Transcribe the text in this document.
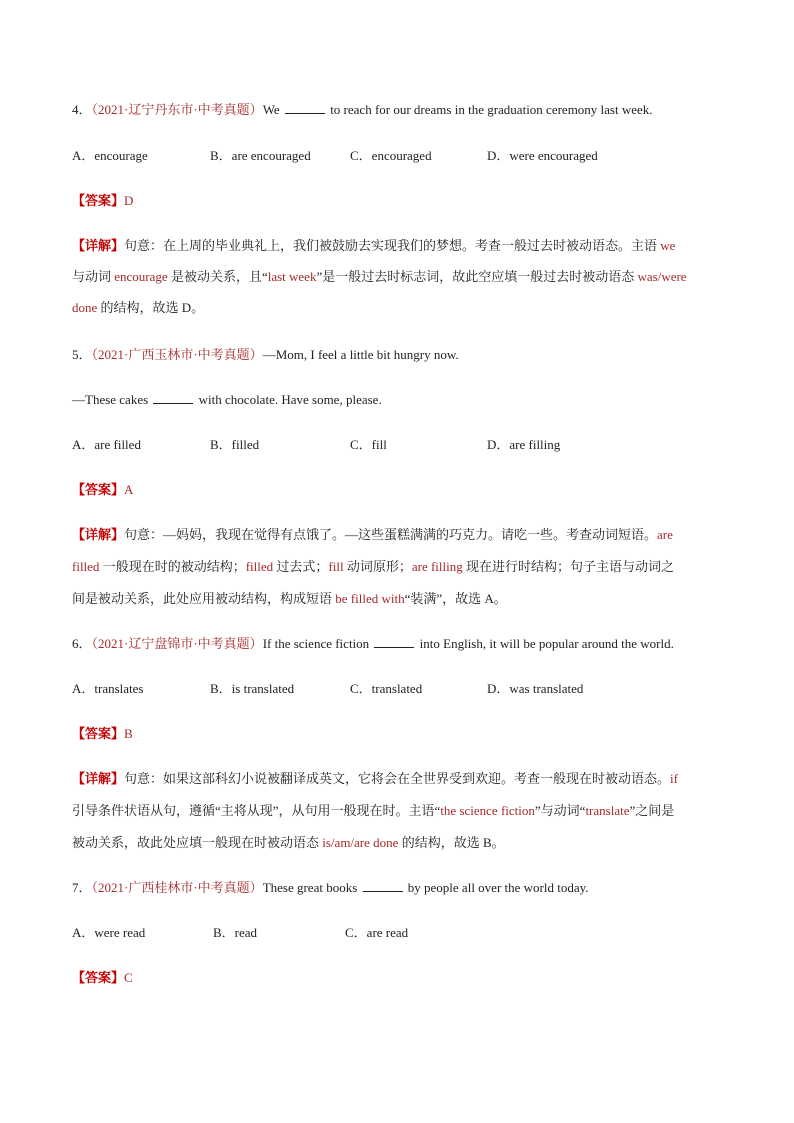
4．（2021·辽宁丹东市·中考真题）We	to reach for our dreams in the graduation ceremony last week.
A．encourage	B．are encouraged	C．encouraged	D．were encouraged
【答案】D
【详解】句意：在上周的毕业典礼上，我们被鼓励去实现我们的梦想。考查一般过去时被动语态。主语 we
与动词 encourage 是被动关系，且“last week”是一般过去时标志词，故此空应填一般过去时被动语态 was/were
done 的结构，故选 D。
5．（2021·广西玉林市·中考真题）—Mom, I feel a little bit hungry now.
—These cakes	with chocolate. Have some, please.
A．are filled	B．filled	C．fill	D．are filling
【答案】A
【详解】句意：—妈妈，我现在觉得有点饿了。—这些蛋糕满满的巧克力。请吃一些。考查动词短语。are
filled 一般现在时的被动结构；filled 过去式；fill 动词原形；are filling 现在进行时结构；句子主语与动词之
间是被动关系，此处应用被动结构，构成短语 be filled with“装满”，故选 A。
6．（2021·辽宁盘锦市·中考真题）If the science fiction	into English, it will be popular around the world.
A．translates	B．is translated	C．translated	D．was translated
【答案】B
【详解】句意：如果这部科幻小说被翻译成英文，它将会在全世界受到欢迎。考查一般现在时被动语态。if
引导条件状语从句，遵循“主将从现”，从句用一般现在时。主语“the science fiction”与动词“translate”之间是
被动关系，故此处应填一般现在时被动语态 is/am/are done 的结构，故选 B。
7．（2021·广西桂林市·中考真题）These great books	by people all over the world today.
A．were read	B．read	C．are read
【答案】C
